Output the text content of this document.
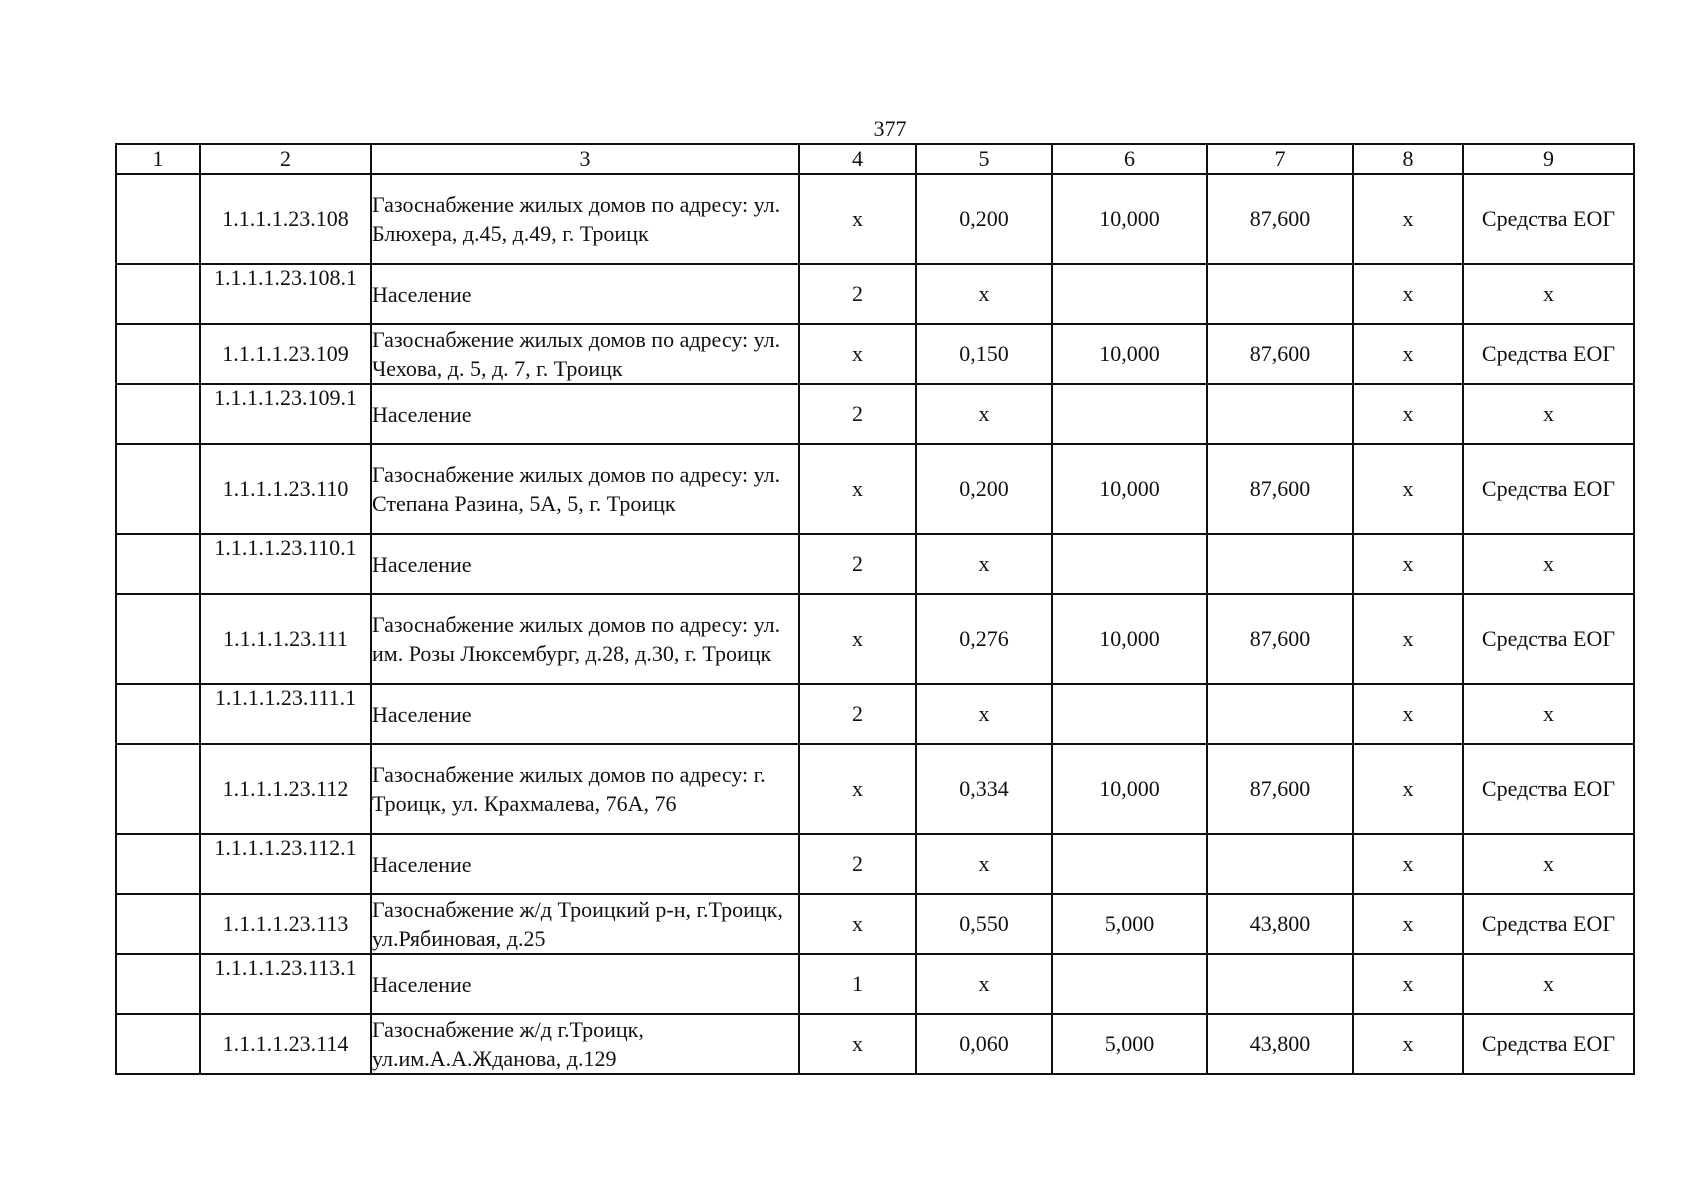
377
1	2	3	4	5	6	7	8	9
	1.1.1.1.23.108	Газоснабжение жилых домов по адресу: ул. Блюхера, д.45, д.49, г. Троицк	х	0,200	10,000	87,600	х	Средства ЕОГ
	1.1.1.1.23.108.1	Население	2	х			х	х
	1.1.1.1.23.109	Газоснабжение жилых домов по адресу: ул. Чехова, д. 5, д. 7, г. Троицк	х	0,150	10,000	87,600	х	Средства ЕОГ
	1.1.1.1.23.109.1	Население	2	х			х	х
	1.1.1.1.23.110	Газоснабжение жилых домов по адресу: ул. Степана Разина, 5А, 5, г. Троицк	х	0,200	10,000	87,600	х	Средства ЕОГ
	1.1.1.1.23.110.1	Население	2	х			х	х
	1.1.1.1.23.111	Газоснабжение жилых домов по адресу: ул. им. Розы Люксембург, д.28, д.30, г. Троицк	х	0,276	10,000	87,600	х	Средства ЕОГ
	1.1.1.1.23.111.1	Население	2	х			х	х
	1.1.1.1.23.112	Газоснабжение жилых домов по адресу: г. Троицк, ул. Крахмалева, 76А, 76	х	0,334	10,000	87,600	х	Средства ЕОГ
	1.1.1.1.23.112.1	Население	2	х			х	х
	1.1.1.1.23.113	Газоснабжение ж/д Троицкий р-н, г.Троицк, ул.Рябиновая, д.25	х	0,550	5,000	43,800	х	Средства ЕОГ
	1.1.1.1.23.113.1	Население	1	х			х	х
	1.1.1.1.23.114	Газоснабжение ж/д г.Троицк, ул.им.А.А.Жданова, д.129	х	0,060	5,000	43,800	х	Средства ЕОГ
